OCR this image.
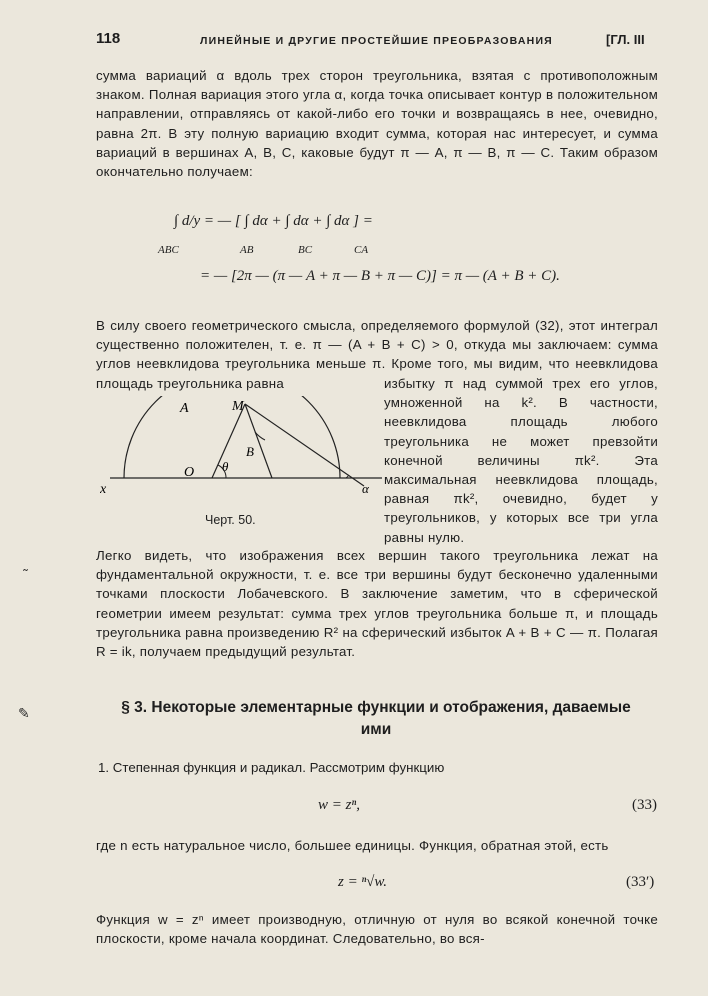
118	ЛИНЕЙНЫЕ И ДРУГИЕ ПРОСТЕЙШИЕ ПРЕОБРАЗОВАНИЯ	[ГЛ. III
сумма вариаций α вдоль трех сторон треугольника, взятая с противоположным знаком. Полная вариация этого угла α, когда точка описывает контур в положительном направлении, отправляясь от какой-либо его точки и возвращаясь в нее, очевидно, равна 2π. В эту полную вариацию входит сумма, которая нас интересует, и сумма вариаций в вершинах A, B, C, каковые будут π — A, π — B, π — C. Таким образом окончательно получаем:
∫ d/y = — [ ∫ dα + ∫ dα + ∫ dα ] =
ABC	AB	BC	CA
= — [2π — (π — A + π — B + π — C)] = π — (A + B + C).
В силу своего геометрического смысла, определяемого формулой (32), этот интеграл существенно положителен, т. е. π — (A + B + C) > 0, откуда мы заключаем: сумма углов неевклидова треугольника меньше π. Кроме того, мы видим, что неевклидова площадь треугольника равна
x
A	M
O θ
B
α
избытку π над суммой трех его углов, умноженной на k². В частности, неевклидова площадь любого треугольника не может превзойти конечной величины πk². Эта максимальная неевклидова площадь, равная πk², очевидно, будет у треугольников, у которых все три угла равны нулю.
Черт. 50.
Легко видеть, что изображения всех вершин такого треугольника лежат на фундаментальной окружности, т. е. все три вершины будут бесконечно удаленными точками плоскости Лобачевского. В заключение заметим, что в сферической геометрии имеем результат: сумма трех углов треугольника больше π, и площадь треугольника равна произведению R² на сферический избыток A + B + C — π. Полагая R = ik, получаем предыдущий результат.
§ 3. Некоторые элементарные функции и отображения, даваемые ими
1. Степенная функция и радикал. Рассмотрим функцию
w = zⁿ,	(33)
где n есть натуральное число, большее единицы. Функция, обратная этой, есть
z = ⁿ√w.	(33′)
Функция w = zⁿ имеет производную, отличную от нуля во всякой конечной точке плоскости, кроме начала координат. Следовательно, во вся-
˜
✎
